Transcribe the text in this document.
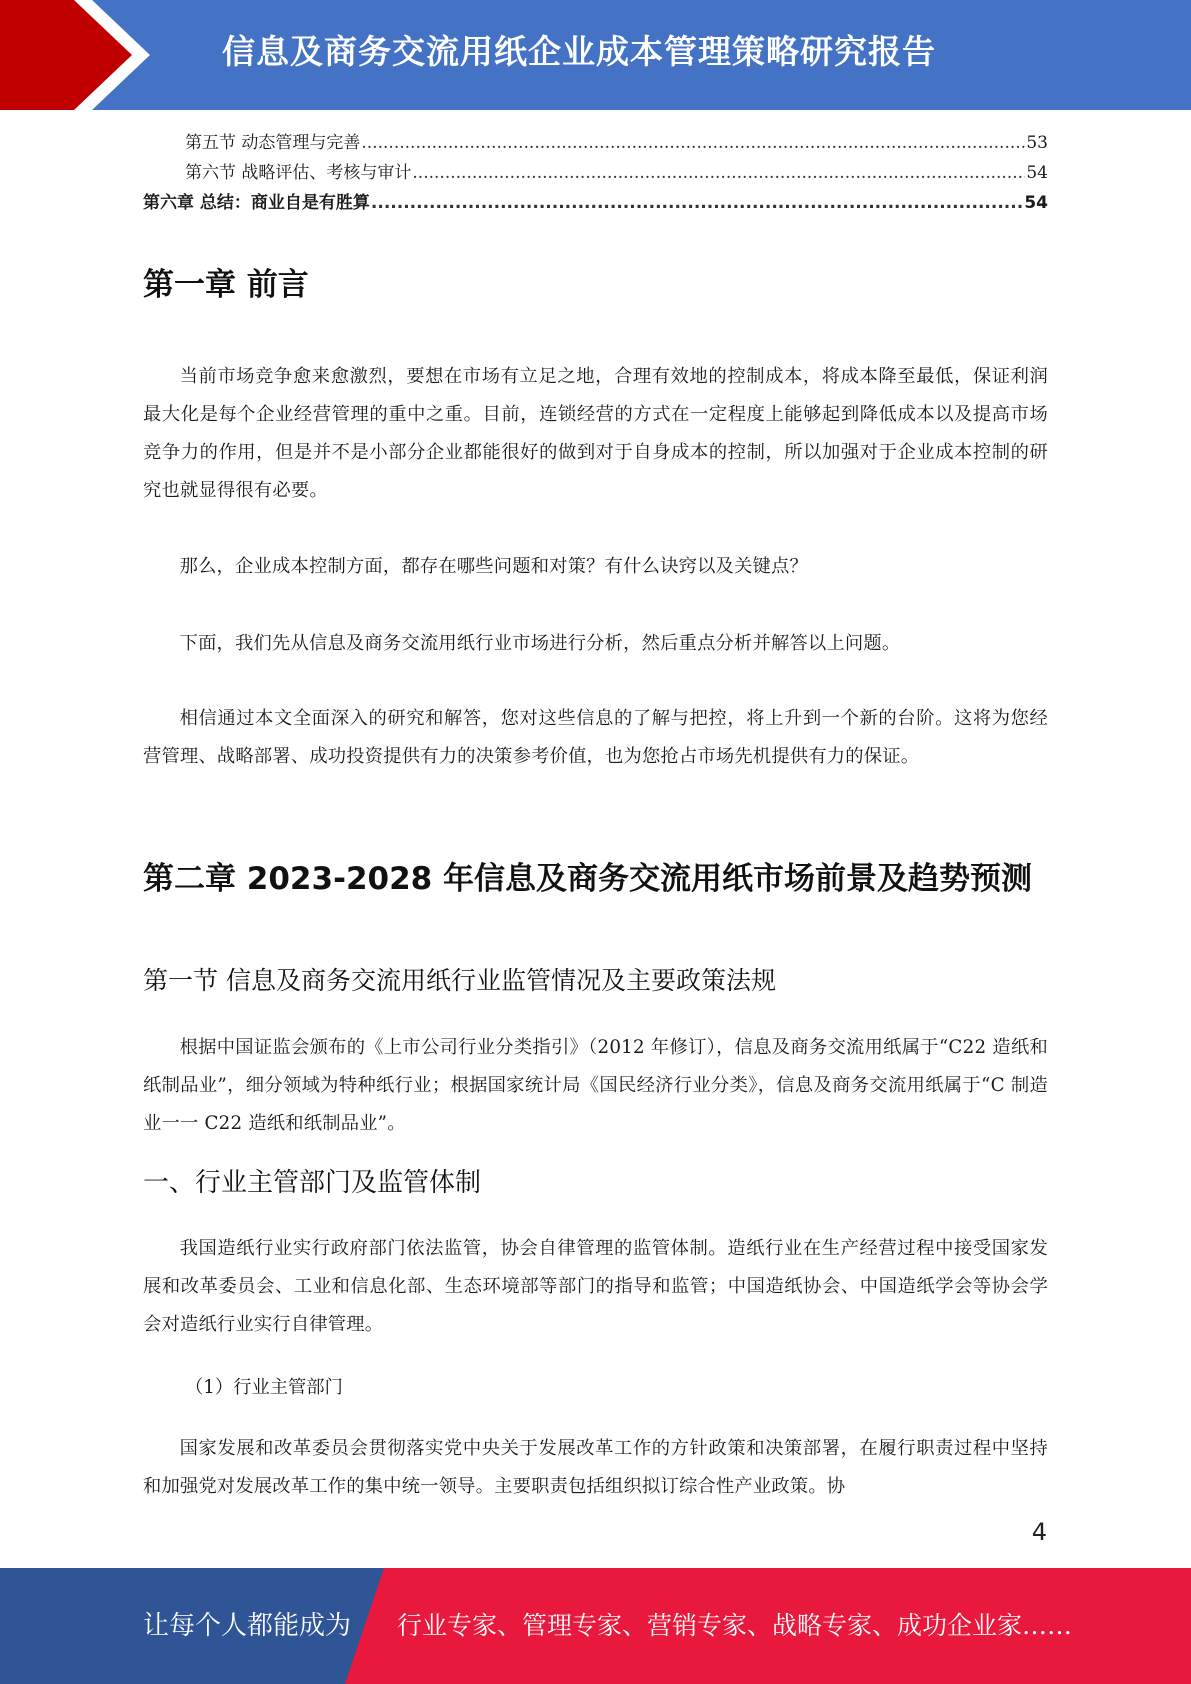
信息及商务交流用纸企业成本管理策略研究报告
第五节 动态管理与完善 .....	53
第六节 战略评估、考核与审计 .....	54
第六章 总结：商业自是有胜算 .....	54
第一章 前言

当前市场竞争愈来愈激烈，要想在市场有立足之地，合理有效地的控制成本，将成本降至最低，保证利润最大化是每个企业经营管理的重中之重。目前，连锁经营的方式在一定程度上能够起到降低成本以及提高市场竞争力的作用，但是并不是小部分企业都能很好的做到对于自身成本的控制，所以加强对于企业成本控制的研究也就显得很有必要。

那么，企业成本控制方面，都存在哪些问题和对策？有什么诀窍以及关键点？

下面，我们先从信息及商务交流用纸行业市场进行分析，然后重点分析并解答以上问题。

相信通过本文全面深入的研究和解答，您对这些信息的了解与把控，将上升到一个新的台阶。这将为您经营管理、战略部署、成功投资提供有力的决策参考价值，也为您抢占市场先机提供有力的保证。

第二章 2023-2028 年信息及商务交流用纸市场前景及趋势预测
第一节 信息及商务交流用纸行业监管情况及主要政策法规

根据中国证监会颁布的《上市公司行业分类指引》（2012 年修订），信息及商务交流用纸属于“C22 造纸和纸制品业”，细分领域为特种纸行业；根据国家统计局《国民经济行业分类》，信息及商务交流用纸属于“C 制造业一一 C22 造纸和纸制品业”。

一、行业主管部门及监管体制

我国造纸行业实行政府部门依法监管，协会自律管理的监管体制。造纸行业在生产经营过程中接受国家发展和改革委员会、工业和信息化部、生态环境部等部门的指导和监管；中国造纸协会、中国造纸学会等协会学会对造纸行业实行自律管理。

（1）行业主管部门

国家发展和改革委员会贯彻落实党中央关于发展改革工作的方针政策和决策部署，在履行职责过程中坚持和加强党对发展改革工作的集中统一领导。主要职责包括组织拟订综合性产业政策。协

4
让每个人都能成为 行业专家、管理专家、营销专家、战略专家、成功企业家……
